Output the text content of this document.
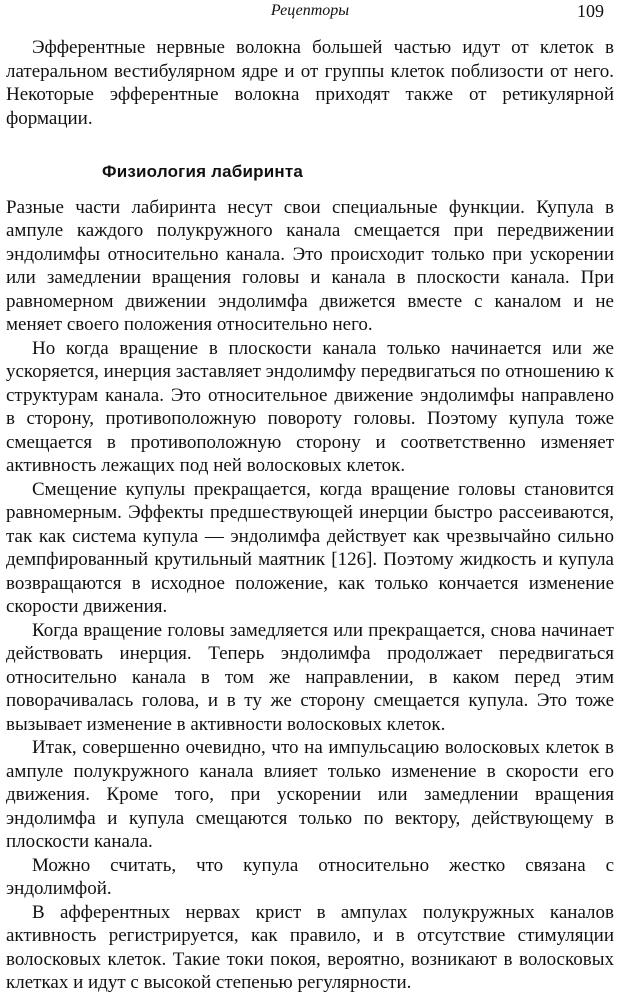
Рецепторы	109

Эфферентные нервные волокна большей частью идут от клеток в латеральном вестибулярном ядре и от группы клеток поблизости от него. Некоторые эфферентные волокна приходят также от ретикулярной формации.

Физиология лабиринта

Разные части лабиринта несут свои специальные функции. Купула в ампуле каждого полукружного канала смещается при передвижении эндолимфы относительно канала. Это происходит только при ускорении или замедлении вращения головы и канала в плоскости канала. При равномерном движении эндолимфа движется вместе с каналом и не меняет своего положения относительно него.

Но когда вращение в плоскости канала только начинается или же ускоряется, инерция заставляет эндолимфу передвигаться по отношению к структурам канала. Это относительное движение эндолимфы направлено в сторону, противоположную повороту головы. Поэтому купула тоже смещается в противоположную сторону и соответственно изменяет активность лежащих под ней волосковых клеток.

Смещение купулы прекращается, когда вращение головы становится равномерным. Эффекты предшествующей инерции быстро рассеиваются, так как система купула — эндолимфа действует как чрезвычайно сильно демпфированный крутильный маятник [126]. Поэтому жидкость и купула возвращаются в исходное положение, как только кончается изменение скорости движения.

Когда вращение головы замедляется или прекращается, снова начинает действовать инерция. Теперь эндолимфа продолжает передвигаться относительно канала в том же направлении, в каком перед этим поворачивалась голова, и в ту же сторону смещается купула. Это тоже вызывает изменение в активности волосковых клеток.

Итак, совершенно очевидно, что на импульсацию волосковых клеток в ампуле полукружного канала влияет только изменение в скорости его движения. Кроме того, при ускорении или замедлении вращения эндолимфа и купула смещаются только по вектору, действующему в плоскости канала.

Можно считать, что купула относительно жестко связана с эндолимфой.

В афферентных нервах крист в ампулах полукружных каналов активность регистрируется, как правило, и в отсутствие стимуляции волосковых клеток. Такие токи покоя, вероятно, возникают в волосковых клетках и идут с высокой степенью регулярности.
